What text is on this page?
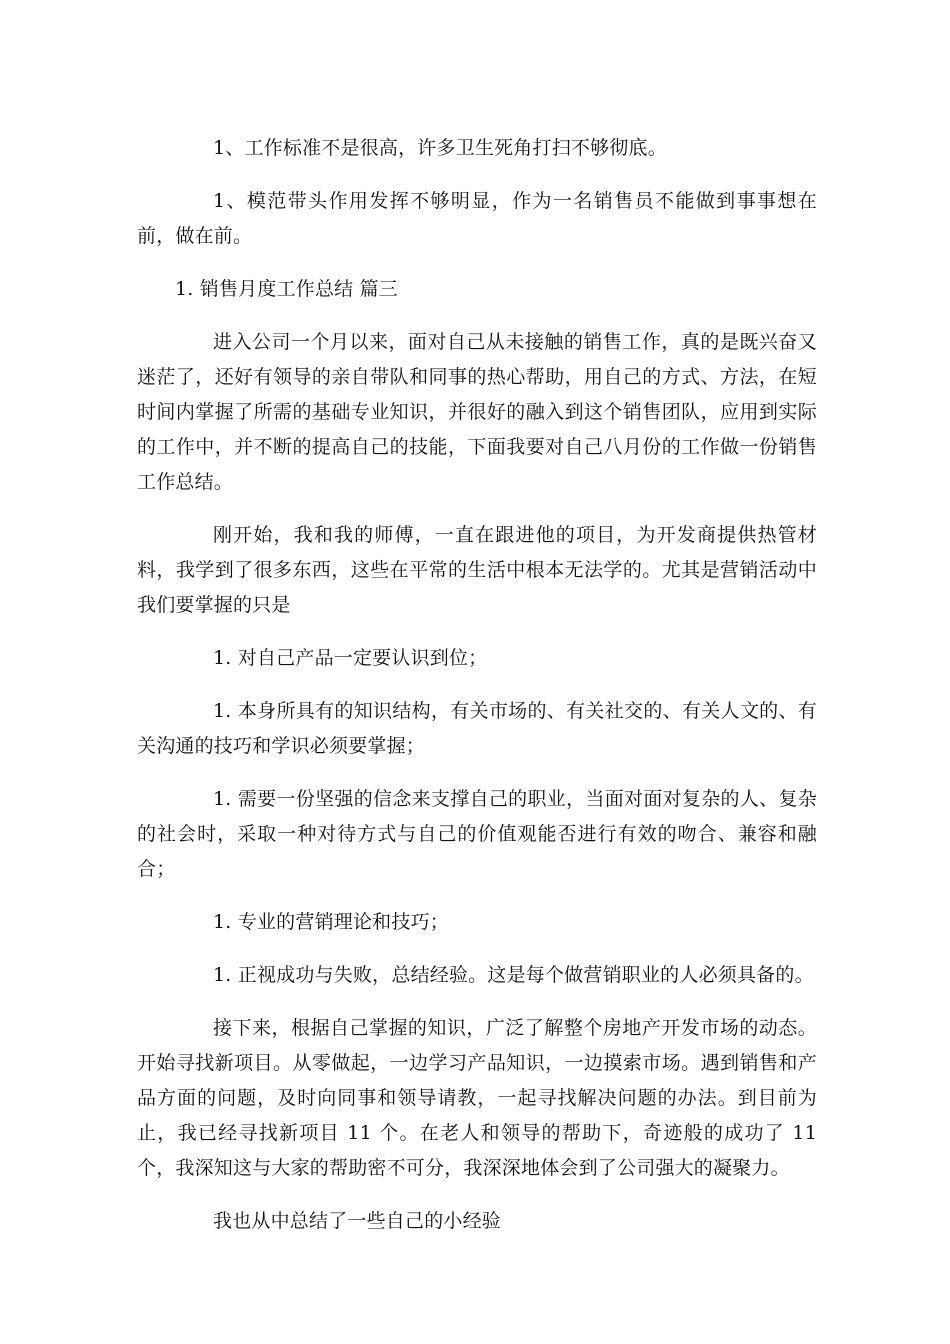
1、工作标准不是很高，许多卫生死角打扫不够彻底。

1、模范带头作用发挥不够明显，作为一名销售员不能做到事事想在前，做在前。

1. 销售月度工作总结 篇三

进入公司一个月以来，面对自己从未接触的销售工作，真的是既兴奋又迷茫了，还好有领导的亲自带队和同事的热心帮助，用自己的方式、方法，在短时间内掌握了所需的基础专业知识，并很好的融入到这个销售团队，应用到实际的工作中，并不断的提高自己的技能，下面我要对自己八月份的工作做一份销售工作总结。

刚开始，我和我的师傅，一直在跟进他的项目，为开发商提供热管材料，我学到了很多东西，这些在平常的生活中根本无法学的。尤其是营销活动中我们要掌握的只是

1. 对自己产品一定要认识到位；

1. 本身所具有的知识结构，有关市场的、有关社交的、有关人文的、有关沟通的技巧和学识必须要掌握；

1. 需要一份坚强的信念来支撑自己的职业，当面对面对复杂的人、复杂的社会时，采取一种对待方式与自己的价值观能否进行有效的吻合、兼容和融合；

1. 专业的营销理论和技巧；

1. 正视成功与失败，总结经验。这是每个做营销职业的人必须具备的。

接下来，根据自己掌握的知识，广泛了解整个房地产开发市场的动态。开始寻找新项目。从零做起，一边学习产品知识，一边摸索市场。遇到销售和产品方面的问题，及时向同事和领导请教，一起寻找解决问题的办法。到目前为止，我已经寻找新项目 11 个。在老人和领导的帮助下，奇迹般的成功了 11 个，我深知这与大家的帮助密不可分，我深深地体会到了公司强大的凝聚力。

我也从中总结了一些自己的小经验
